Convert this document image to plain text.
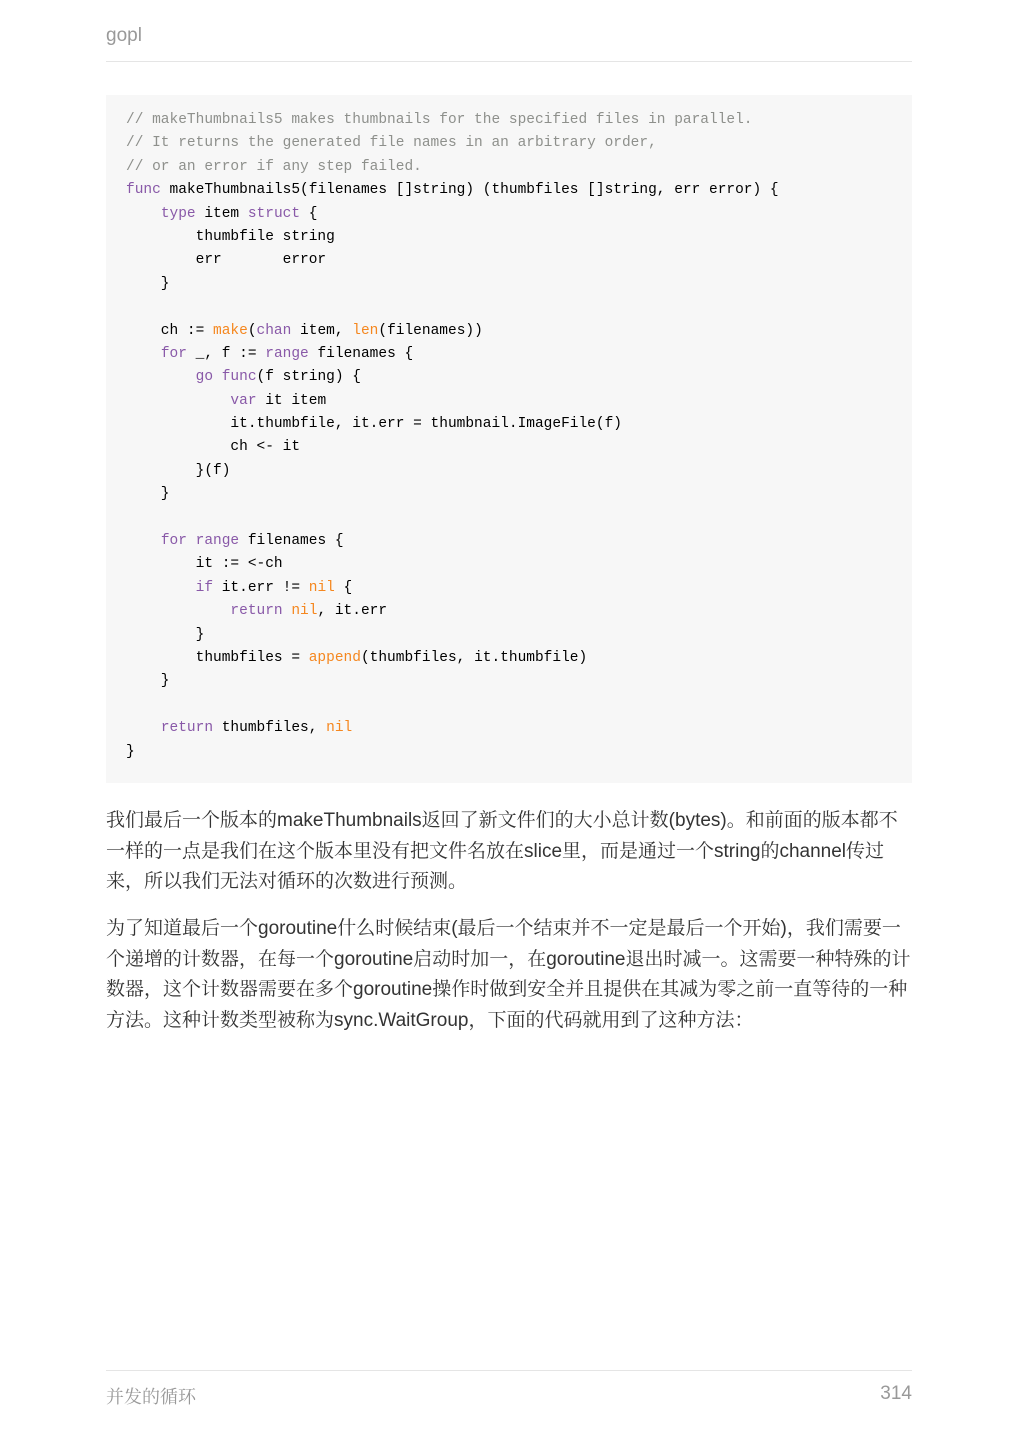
gopl
// makeThumbnails5 makes thumbnails for the specified files in parallel.
// It returns the generated file names in an arbitrary order,
// or an error if any step failed.
func makeThumbnails5(filenames []string) (thumbfiles []string, err error) {
type item struct {
thumbfile string
err       error
}
ch := make(chan item, len(filenames))
for _, f := range filenames {
go func(f string) {
var it item
it.thumbfile, it.err = thumbnail.ImageFile(f)
ch <- it
}(f)
}
for range filenames {
it := <-ch
if it.err != nil {
return nil, it.err
}
thumbfiles = append(thumbfiles, it.thumbfile)
}
return thumbfiles, nil
}
我们最后一个版本的makeThumbnails返回了新文件们的大小总计数(bytes)。和前面的版本都不一样的一点是我们在这个版本里没有把文件名放在slice里，而是通过一个string的channel传过来，所以我们无法对循环的次数进行预测。
为了知道最后一个goroutine什么时候结束(最后一个结束并不一定是最后一个开始)，我们需要一个递增的计数器，在每一个goroutine启动时加一，在goroutine退出时减一。这需要一种特殊的计数器，这个计数器需要在多个goroutine操作时做到安全并且提供在其减为零之前一直等待的一种方法。这种计数类型被称为sync.WaitGroup，下面的代码就用到了这种方法：
并发的循环	314
